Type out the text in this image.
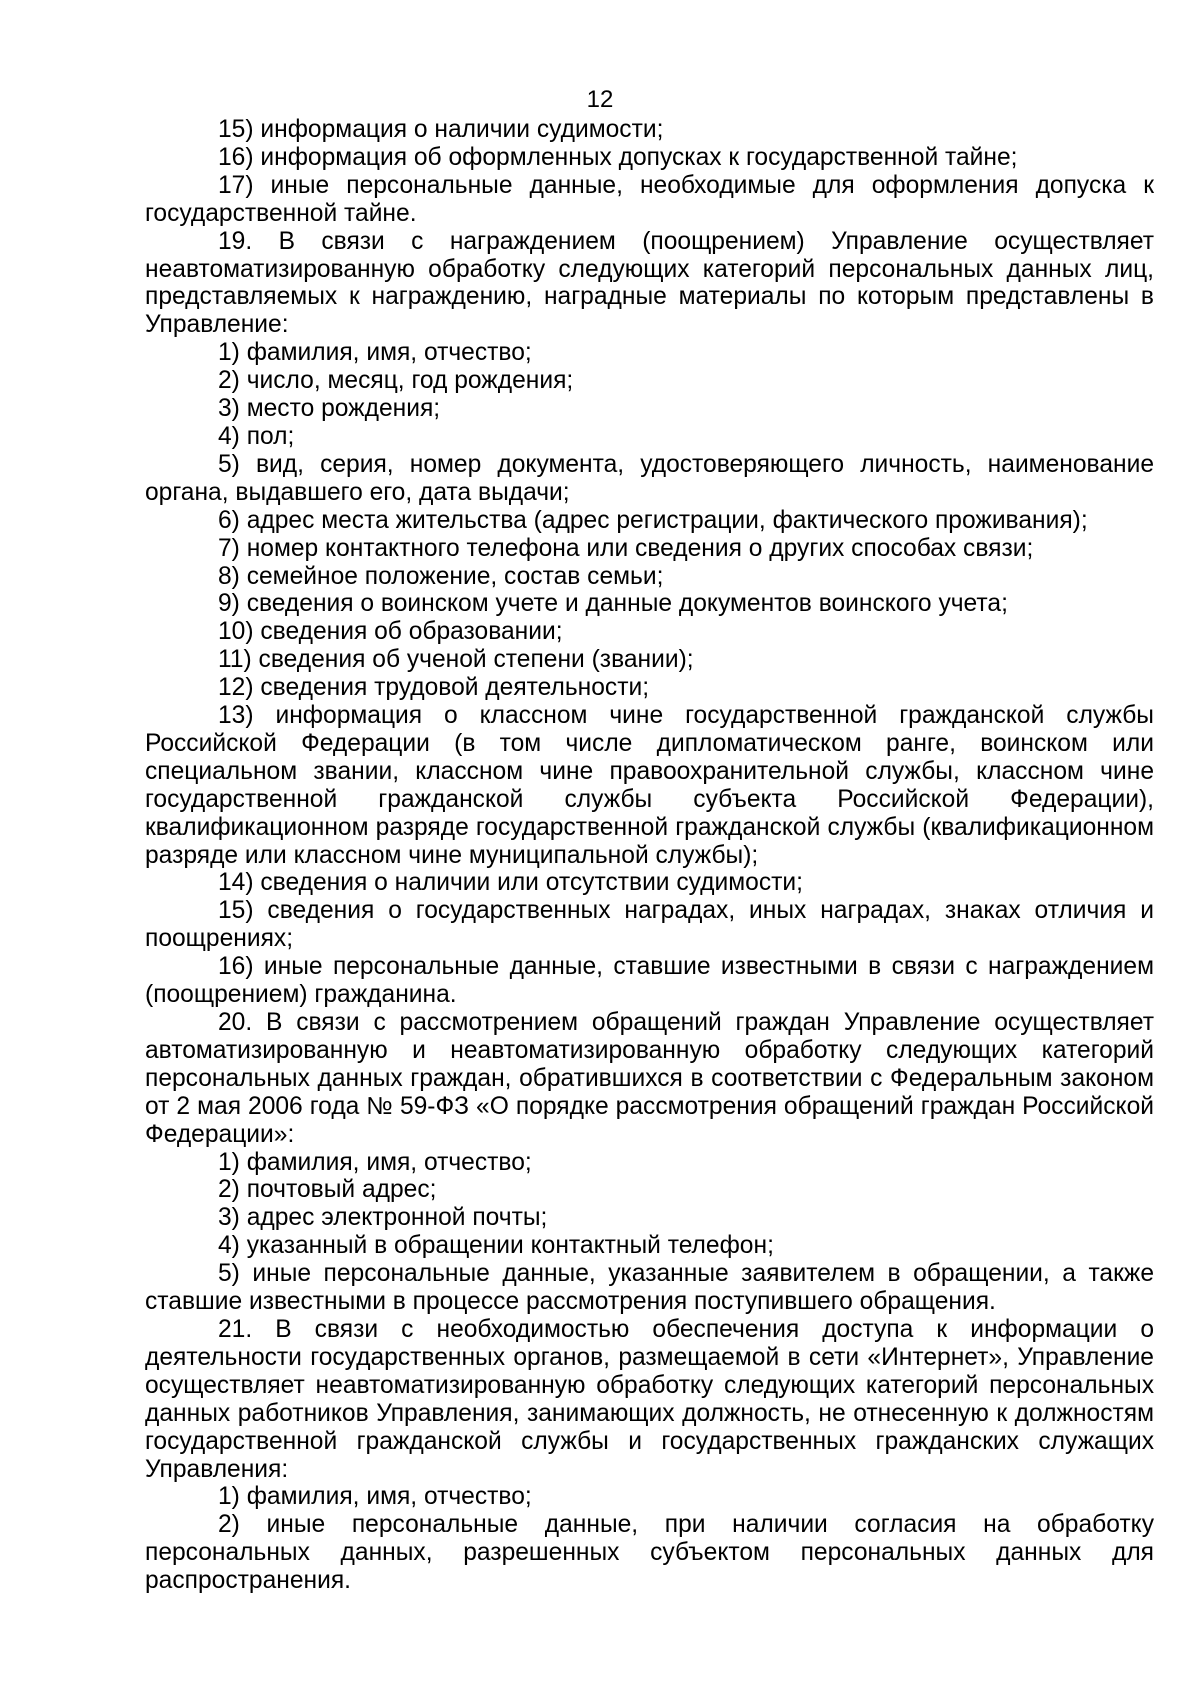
12

15) информация о наличии судимости;

16) информация об оформленных допусках к государственной тайне;

17) иные персональные данные, необходимые для оформления допуска к государственной тайне.

19. В связи с награждением (поощрением) Управление осуществляет неавтоматизированную обработку следующих категорий персональных данных лиц, представляемых к награждению, наградные материалы по которым представлены в Управление:

1) фамилия, имя, отчество;

2) число, месяц, год рождения;

3) место рождения;

4) пол;

5) вид, серия, номер документа, удостоверяющего личность, наименование органа, выдавшего его, дата выдачи;

6) адрес места жительства (адрес регистрации, фактического проживания);

7) номер контактного телефона или сведения о других способах связи;

8) семейное положение, состав семьи;

9) сведения о воинском учете и данные документов воинского учета;

10) сведения об образовании;

11) сведения об ученой степени (звании);

12) сведения трудовой деятельности;

13) информация о классном чине государственной гражданской службы Российской Федерации (в том числе дипломатическом ранге, воинском или специальном звании, классном чине правоохранительной службы, классном чине государственной гражданской службы субъекта Российской Федерации), квалификационном разряде государственной гражданской службы (квалификационном разряде или классном чине муниципальной службы);

14) сведения о наличии или отсутствии судимости;

15) сведения о государственных наградах, иных наградах, знаках отличия и поощрениях;

16) иные персональные данные, ставшие известными в связи с награждением (поощрением) гражданина.

20. В связи с рассмотрением обращений граждан Управление осуществляет автоматизированную и неавтоматизированную обработку следующих категорий персональных данных граждан, обратившихся в соответствии с Федеральным законом от 2 мая 2006 года № 59-ФЗ «О порядке рассмотрения обращений граждан Российской Федерации»:

1) фамилия, имя, отчество;

2) почтовый адрес;

3) адрес электронной почты;

4) указанный в обращении контактный телефон;

5) иные персональные данные, указанные заявителем в обращении, а также ставшие известными в процессе рассмотрения поступившего обращения.

21. В связи с необходимостью обеспечения доступа к информации о деятельности государственных органов, размещаемой в сети «Интернет», Управление осуществляет неавтоматизированную обработку следующих категорий персональных данных работников Управления, занимающих должность, не отнесенную к должностям государственной гражданской службы и государственных гражданских служащих Управления:

1) фамилия, имя, отчество;

2) иные персональные данные, при наличии согласия на обработку персональных данных, разрешенных субъектом персональных данных для распространения.
